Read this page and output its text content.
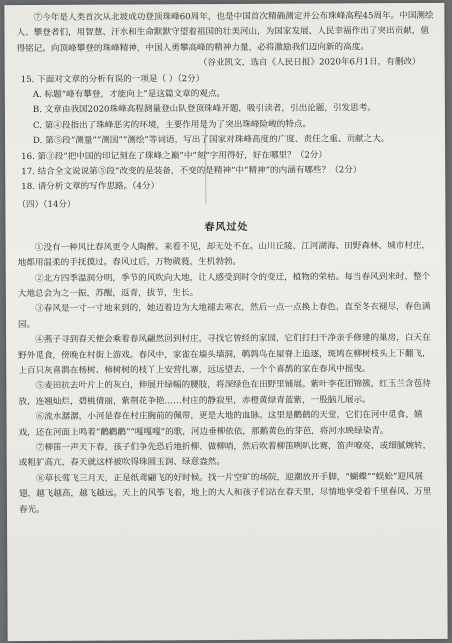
⑦今年是人类首次从北坡成功登顶珠峰60周年，也是中国首次精确测定并公布珠峰高程45周年。中国测绘人、攀登者们，用智慧、汗水和生命默默守望着祖国的壮美河山，为国家发展、人民幸福作出了突出贡献，值得铭记。向顶峰攀登的珠峰精神，中国人勇攀高峰的精神力量，必将激励我们迈向新的高度。

（谷业凯文，选自《人民日报》2020年6月1日，有删改）

15. 下面对文章的分析有误的一项是（ ）（2分）

A. 标题“峰有攀登，才能向上”是这篇文章的观点。

B. 文章由我国2020珠峰高程测量登山队登顶珠峰开题，吸引读者，引出论题，引发思考。

C. 第④段指出了珠峰恶劣的环境，主要作用是为了突出珠峰险峻的特点。

D. 第⑤段“测量”“测国”“测绘”等词语，写出了国家对珠峰高度的广度、责任之重、贡献之大。

16. 第③段“把中国的印记刻在了珠峰之巅”中“刻”字用得好，好在哪里？（2分）

17. 结合全文说说第⑤段“改变的是装备，不变的是精神”中“精神”的内涵有哪些？（2分）

18. 请分析文章的写作思路。（4分）

（四）（14分）

春风过处

①没有一种风比春风更令人陶醉。来看不见，却无处不在。山川丘陵、江河湖海、田野森林、城市村庄，地都用温柔的手抚摸过。春风过后，万物葳蕤，生机勃勃。

②北方四季温润分明，季节的风吹向大地，让人感受到时令的变迁，植物的荣枯。每当春风到来时，整个大地总会为之一振，苏醒，返青，拔节，生长。

③春风是一寸一寸地来到的，她迈着边为大地褪去寒衣，然后一点一点换上春色，直至冬衣褪尽，春色满园。

④燕子寻到春天便会乘着春风翩然回到村庄，寻找它曾经的家园，它们打扫干净亲手修建的巢房，白天在野外觅食，傍晚在村街上游戏。春风中，家雀在墙头墙洞，鹌鹑鸟在屋脊上追逐，斑鸠在柳树枝头上下翻飞，上百只灰喜鹊在杨树、柿树树的枝丫上安营扎寨，远远望去，一个个喜鹊的家在春风中摇曳。

⑤麦田抗去叶片上的灰白，伸展开绿幅的腰肢，将深绿色在田野里铺展。紫叶李花团锦簇，红玉兰含苞待放，连翘灿烂，碧桃倩丽，紫荆花争艳……村庄的静寂里，赤橙黄绿青蓝紫，一股脑儿展示。

⑥流水潺潺，小河是春在村庄胸前的佩带，更是大地的血脉。这里是鹳鹤的天堂，它们在河中觅食、嬉戏，还在河面上鸣着“鹳鹳鹳”“嘎嘎嘎”的歌，河边垂柳依依，那鹅黄色的芽芭，将河水映绿染青。

⑦柳笛一声天下春，孩子们争先恐后地折柳、做柳哨，然后吹着柳笛咧叭比赛，笛声嘹亮，或细腻婉转，或粗犷高亢，春天就这样被吹得珠圆玉润、绿意盎然。

⑧草长莺飞三月天，正是纸鸢翩飞的好时候。找一片空旷的场院，迎潮放开手脚，“蝴蝶”“蜈蚣”迎风展翅，越飞越高，越飞越远。天上的风筝飞着，地上的大人和孩子们站在春天里，尽情地享受着千里春风、万里春光。
